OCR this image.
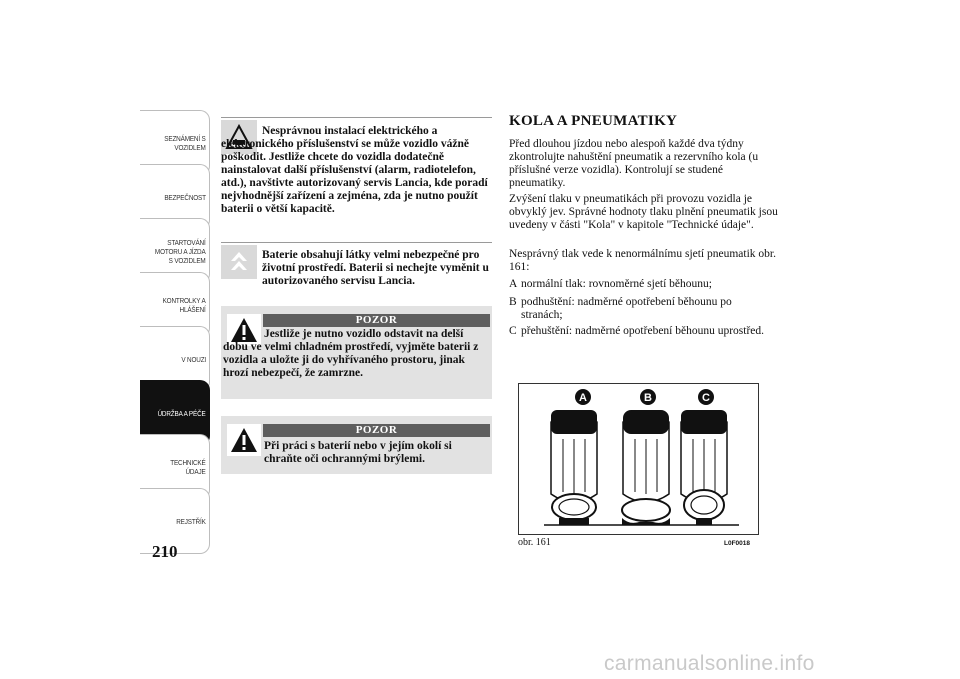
SEZNÁMENÍ S
VOZIDLEM
BEZPEČNOST
STARTOVÁNÍ
MOTORU A JÍZDA
S VOZIDLEM
KONTROLKY A
HLÁŠENÍ
V NOUZI
ÚDRŽBA A PÉČE
TECHNICKÉ
ÚDAJE
REJSTŘÍK
210
Nesprávnou instalací elektrického a elektronického příslušenství se může vozidlo vážně poškodit. Jestliže chcete do vozidla dodatečně nainstalovat další příslušenství (alarm, radiotelefon, atd.), navštivte autorizovaný servis Lancia, kde poradí nejvhodnější zařízení a zejména, zda je nutno použít baterii o větší kapacitě.
Baterie obsahují látky velmi nebezpečné pro životní prostředí. Baterii si nechejte vyměnit u autorizovaného servisu Lancia.
POZOR
Jestliže je nutno vozidlo odstavit na delší dobu ve velmi chladném prostředí, vyjměte baterii z vozidla a uložte ji do vyhřívaného prostoru, jinak hrozí nebezpečí, že zamrzne.
POZOR
Při práci s baterií nebo v jejím okolí si chraňte oči ochrannými brýlemi.
KOLA A PNEUMATIKY
Před dlouhou jízdou nebo alespoň každé dva týdny zkontrolujte nahuštění pneumatik a rezervního kola (u příslušné verze vozidla). Kontrolují se studené pneumatiky.
Zvýšení tlaku v pneumatikách při provozu vozidla je obvyklý jev. Správné hodnoty tlaku plnění pneumatik jsou uvedeny v části "Kola" v kapitole "Technické údaje".
Nesprávný tlak vede k nenormálnímu sjetí pneumatik obr. 161:
A normální tlak: rovnoměrné sjetí běhounu;
B podhuštění: nadměrné opotřebení běhounu po stranách;
C přehuštění: nadměrné opotřebení běhounu uprostřed.
A	B	C
obr. 161	L0F0018
carmanualsonline.info
